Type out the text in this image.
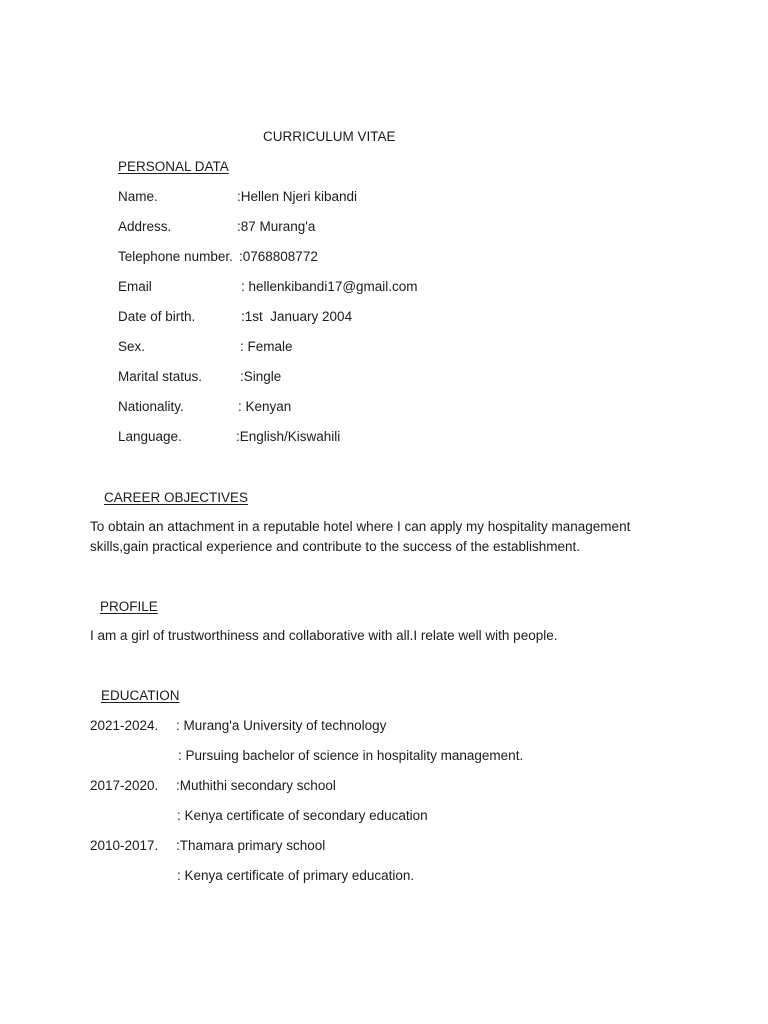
CURRICULUM VITAE
PERSONAL DATA
Name.	:Hellen Njeri kibandi
Address.	:87 Murang'a
Telephone number. :0768808772
Email	: hellenkibandi17@gmail.com
Date of birth.	:1st  January 2004
Sex.	: Female
Marital status.	:Single
Nationality.	: Kenyan
Language.	:English/Kiswahili
CAREER OBJECTIVES
To obtain an attachment in a reputable hotel where I can apply my hospitality management skills,gain practical experience and contribute to the success of the establishment.
PROFILE
I am a girl of trustworthiness and collaborative with all.I relate well with people.
EDUCATION
2021-2024. : Murang'a University of technology
: Pursuing bachelor of science in hospitality management.
2017-2020. :Muthithi secondary school
: Kenya certificate of secondary education
2010-2017. :Thamara primary school
: Kenya certificate of primary education.
